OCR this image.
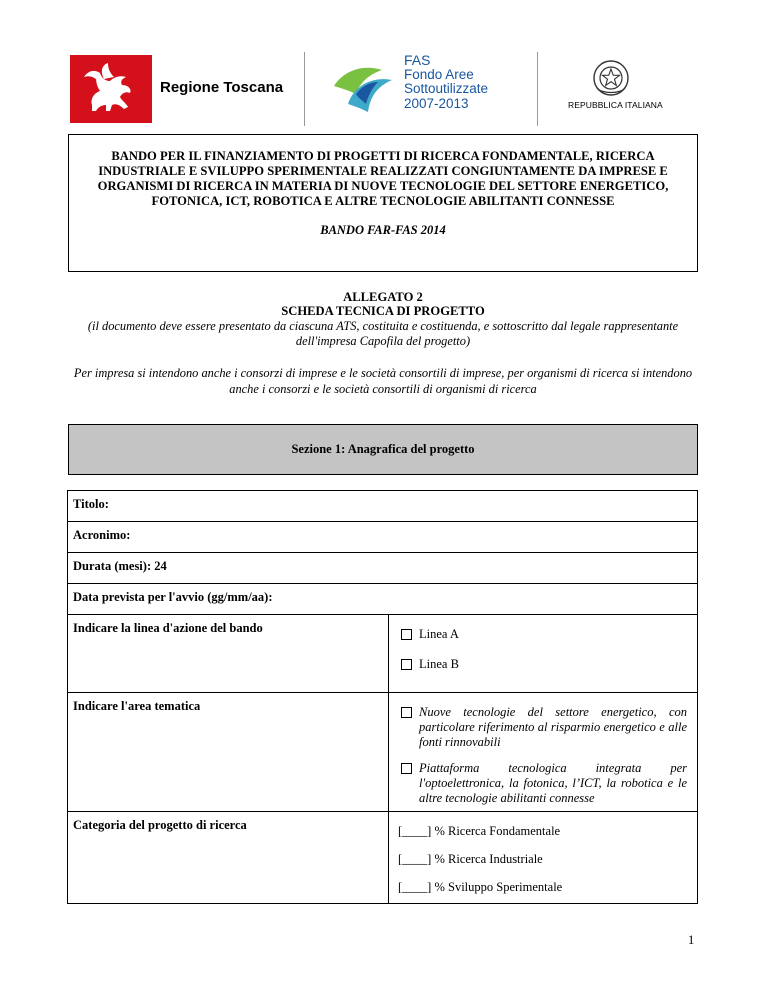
Regione Toscana
FAS
Fondo Aree
Sottoutilizzate
2007-2013	REPUBBLICA ITALIANA
BANDO PER IL FINANZIAMENTO DI PROGETTI DI RICERCA FONDAMENTALE, RICERCA INDUSTRIALE E SVILUPPO SPERIMENTALE REALIZZATI CONGIUNTAMENTE DA IMPRESE E ORGANISMI DI RICERCA IN MATERIA DI NUOVE TECNOLOGIE DEL SETTORE ENERGETICO, FOTONICA, ICT, ROBOTICA E ALTRE TECNOLOGIE ABILITANTI CONNESSE
BANDO FAR-FAS 2014
ALLEGATO 2
SCHEDA TECNICA DI PROGETTO
(il documento deve essere presentato da ciascuna ATS, costituita e costituenda, e sottoscritto dal legale rappresentante dell'impresa Capofila del progetto)
Per impresa si intendono anche i consorzi di imprese e le società consortili di imprese, per organismi di ricerca si intendono anche i consorzi e le società consortili di organismi di ricerca
Sezione 1: Anagrafica del progetto
Titolo:
Acronimo:
Durata (mesi): 24
Data prevista per l'avvio (gg/mm/aa):
Indicare la linea d'azione del bando	Linea A
Linea B
Indicare l'area tematica	Nuove tecnologie del settore energetico, con particolare riferimento al risparmio energetico e alle fonti rinnovabili
Piattaforma tecnologica integrata per l'optoelettronica, la fotonica, l’ICT, la robotica e le altre tecnologie abilitanti connesse
Categoria del progetto di ricerca	[____] % Ricerca Fondamentale
[____] % Ricerca Industriale
[____] % Sviluppo Sperimentale
1
